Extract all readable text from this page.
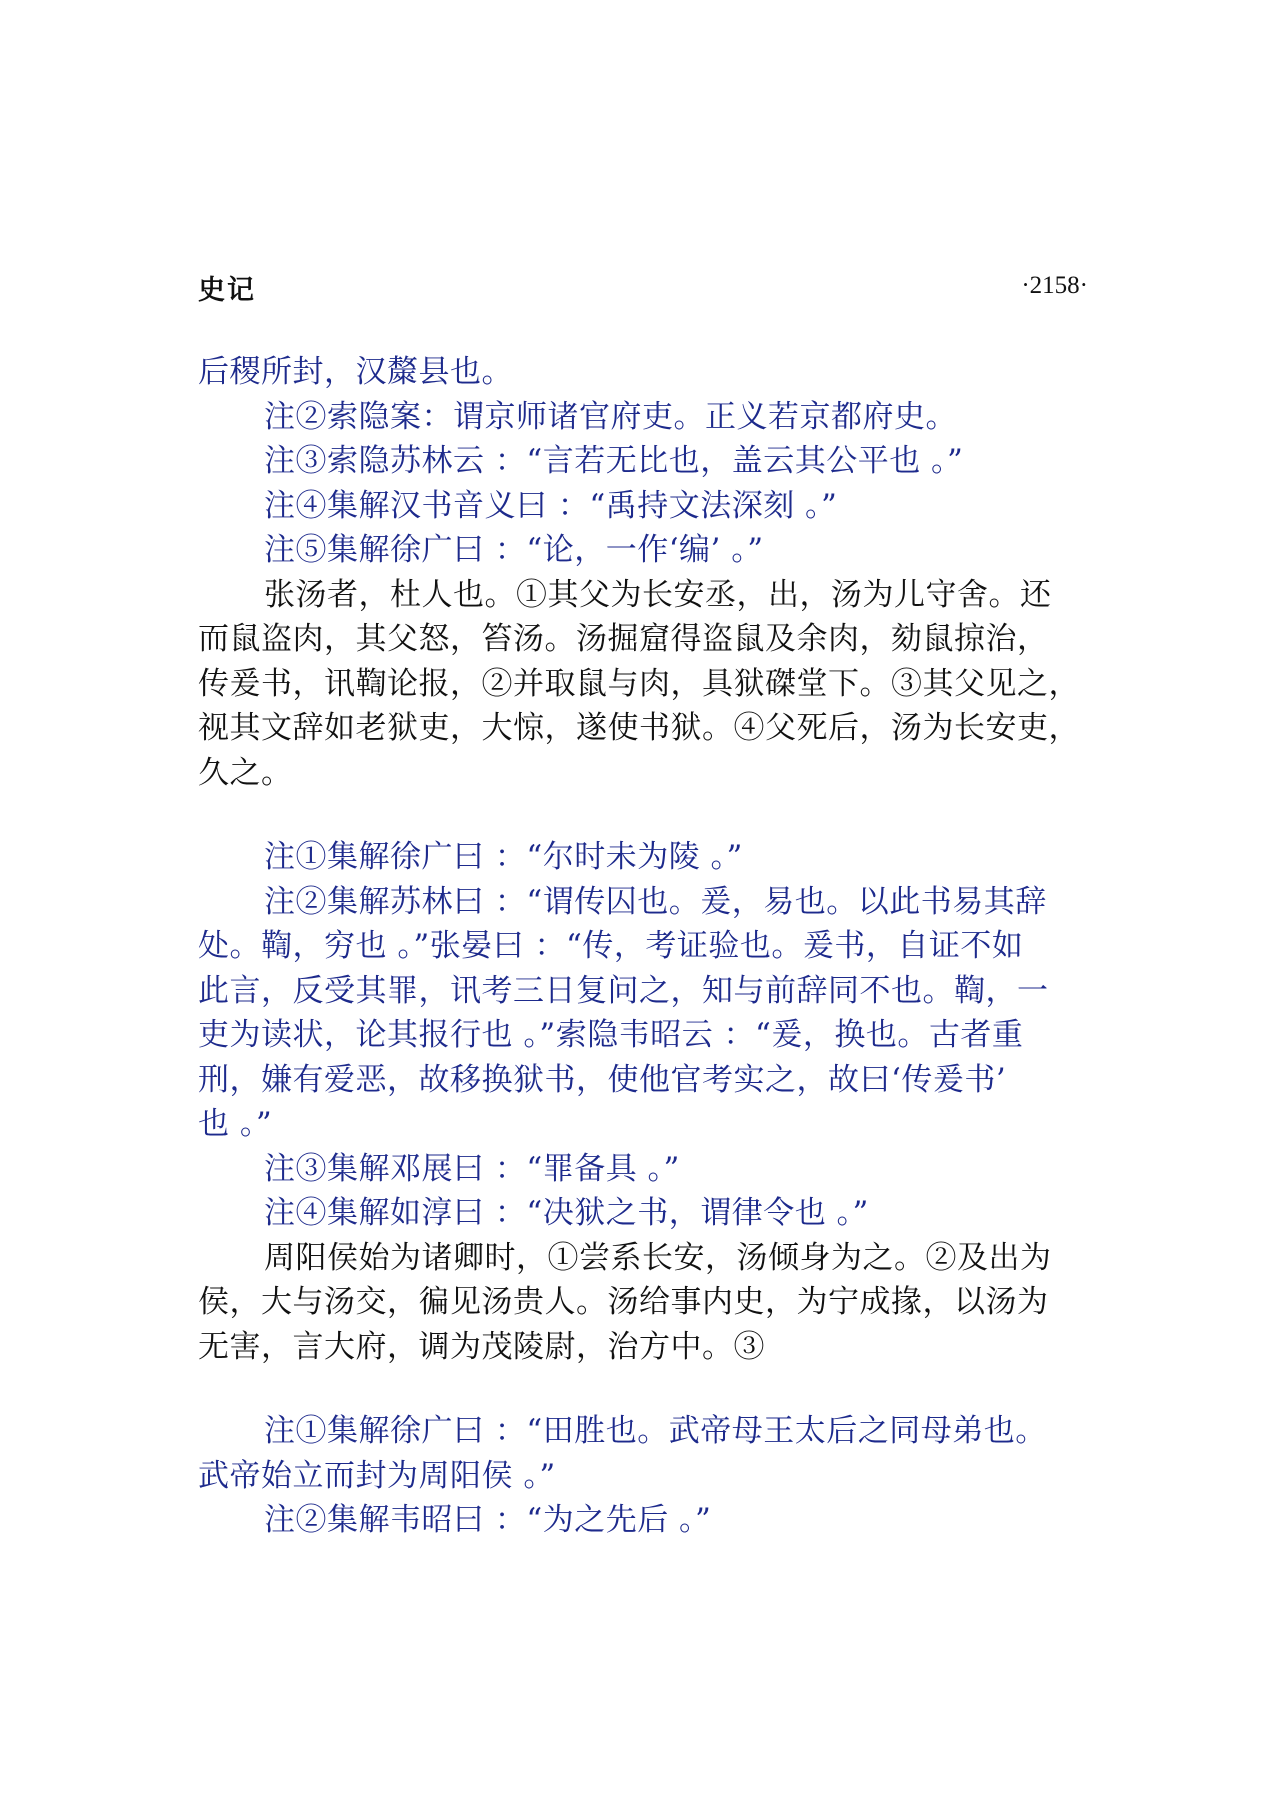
史记	·2158·
后稷所封，汉斄县也。
注②索隐案：谓京师诸官府吏。正义若京都府史。
注③索隐苏林云 ：“言若无比也，盖云其公平也 。”
注④集解汉书音义曰 ：“禹持文法深刻 。”
注⑤集解徐广曰 ：“论，一作‘编’ 。”
张汤者，杜人也。①其父为长安丞，出，汤为儿守舍。还
而鼠盗肉，其父怒，笞汤。汤掘窟得盗鼠及余肉，劾鼠掠治，
传爰书，讯鞫论报，②并取鼠与肉，具狱磔堂下。③其父见之，
视其文辞如老狱吏，大惊，遂使书狱。④父死后，汤为长安吏，
久之。
注①集解徐广曰 ：“尔时未为陵 。”
注②集解苏林曰 ：“谓传囚也。爰，易也。以此书易其辞
处。鞫，穷也 。”张晏曰 ：“传，考证验也。爰书，自证不如
此言，反受其罪，讯考三日复问之，知与前辞同不也。鞫，一
吏为读状，论其报行也 。”索隐韦昭云 ：“爰，换也。古者重
刑，嫌有爱恶，故移换狱书，使他官考实之，故曰‘传爰书’
也 。”
注③集解邓展曰 ：“罪备具 。”
注④集解如淳曰 ：“决狱之书，谓律令也 。”
周阳侯始为诸卿时，①尝系长安，汤倾身为之。②及出为
侯，大与汤交，徧见汤贵人。汤给事内史，为宁成掾，以汤为
无害，言大府，调为茂陵尉，治方中。③
注①集解徐广曰 ：“田胜也。武帝母王太后之同母弟也。
武帝始立而封为周阳侯 。”
注②集解韦昭曰 ：“为之先后 。”
